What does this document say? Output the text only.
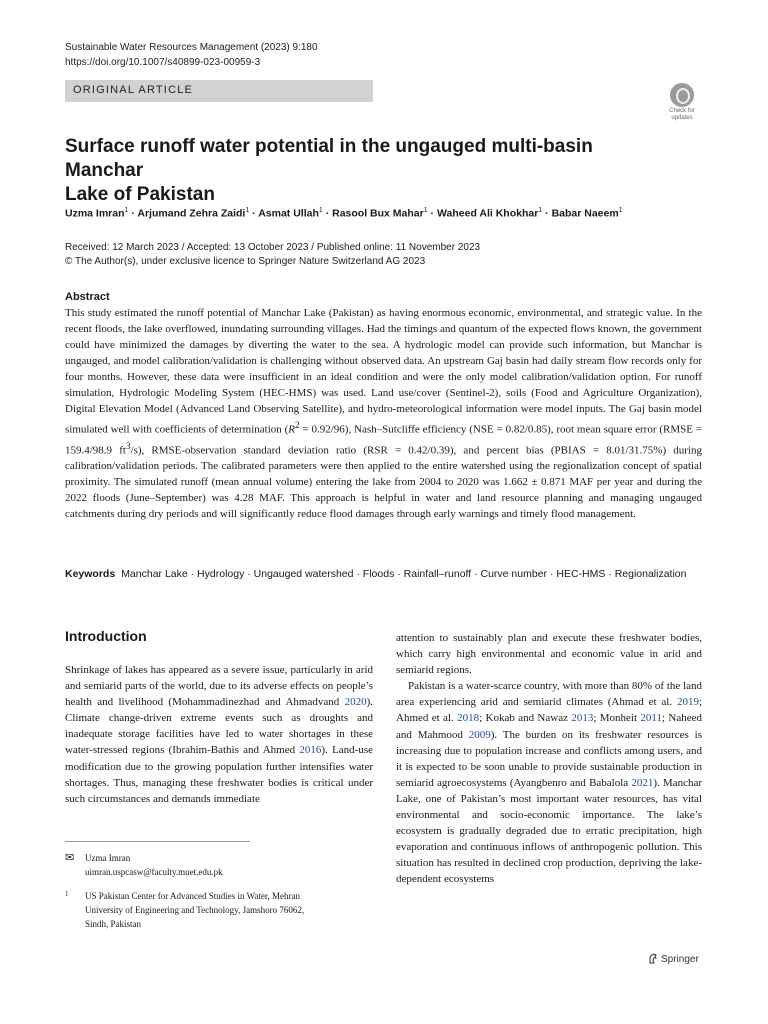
Sustainable Water Resources Management (2023) 9:180
https://doi.org/10.1007/s40899-023-00959-3
ORIGINAL ARTICLE
Check for
updates
Surface runoff water potential in the ungauged multi-basin Manchar
Lake of Pakistan
Uzma Imran$^1$ · Arjumand Zehra Zaidi$^1$ · Asmat Ullah$^1$ · Rasool Bux Mahar$^1$ · Waheed Ali Khokhar$^1$ · Babar Naeem$^1$
Received: 12 March 2023 / Accepted: 13 October 2023 / Published online: 11 November 2023
© The Author(s), under exclusive licence to Springer Nature Switzerland AG 2023
Abstract
This study estimated the runoff potential of Manchar Lake (Pakistan) as having enormous economic, environmental, and strategic value. In the recent floods, the lake overflowed, inundating surrounding villages. Had the timings and quantum of the expected flows known, the government could have minimized the damages by diverting the water to the sea. A hydrologic model can provide such information, but Manchar is ungauged, and model calibration/validation is challenging without observed data. An upstream Gaj basin had daily stream flow records only for four months. However, these data were insufficient in an ideal condition and were the only model calibration/validation option. For runoff simulation, Hydrologic Modeling System (HEC-HMS) was used. Land use/cover (Sentinel-2), soils (Food and Agriculture Organization), Digital Elevation Model (Advanced Land Observing Satellite), and hydro-meteorological information were model inputs. The Gaj basin model simulated well with coefficients of determination $(R^2 = 0.92/96)$, Nash–Sutcliffe efficiency (NSE = 0.82/0.85), root mean square error (RMSE = 159.4/98.9 $ft^3/s$), RMSE-observation standard deviation ratio (RSR = 0.42/0.39), and percent bias (PBIAS = 8.01/31.75%) during calibration/validation periods. The calibrated parameters were then applied to the entire watershed using the regionalization concept of spatial proximity. The simulated runoff (mean annual volume) entering the lake from 2004 to 2020 was 1.662 ± 0.871 MAF per year and during the 2022 floods (June–September) was 4.28 MAF. This approach is helpful in water and land resource planning and managing ungauged catchments during dry periods and will significantly reduce flood damages through early warnings and timely flood management.
Keywords Manchar Lake · Hydrology · Ungauged watershed · Floods · Rainfall–runoff · Curve number · HEC-HMS · Regionalization
Introduction

Shrinkage of lakes has appeared as a severe issue, particularly in arid and semiarid parts of the world, due to its adverse effects on people’s health and livelihood (Mohammadinezhad and Ahmadvand 2020). Climate change-driven extreme events such as droughts and inadequate storage facilities have led to water shortages in these water-stressed regions (Ibrahim-Bathis and Ahmed 2016). Land-use modification due to the growing population further intensifies water shortages. Thus, managing these freshwater bodies is critical under such circumstances and demands immediate

attention to sustainably plan and execute these freshwater bodies, which carry high environmental and economic value in arid and semiarid regions.

Pakistan is a water-scarce country, with more than 80% of the land area experiencing arid and semiarid climates (Ahmad et al. 2019; Ahmed et al. 2018; Kokab and Nawaz 2013; Monheit 2011; Naheed and Mahmood 2009). The burden on its freshwater resources is increasing due to population increase and conflicts among users, and it is expected to be soon unable to provide sustainable production in semiarid agroecosystems (Ayangbenro and Babalola 2021). Manchar Lake, one of Pakistan’s most important water resources, has vital environmental and socio-economic importance. The lake’s ecosystem is gradually degraded due to erratic precipitation, high evaporation and continuous inflows of anthropogenic pollution. This situation has resulted in declined crop production, depriving the lake-dependent ecosystems

✉ Uzma Imran
uimran.uspcasw@faculty.muet.edu.pk
1 US Pakistan Center for Advanced Studies in Water, Mehran
University of Engineering and Technology, Jamshoro 76062,
Sindh, Pakistan
Springer
